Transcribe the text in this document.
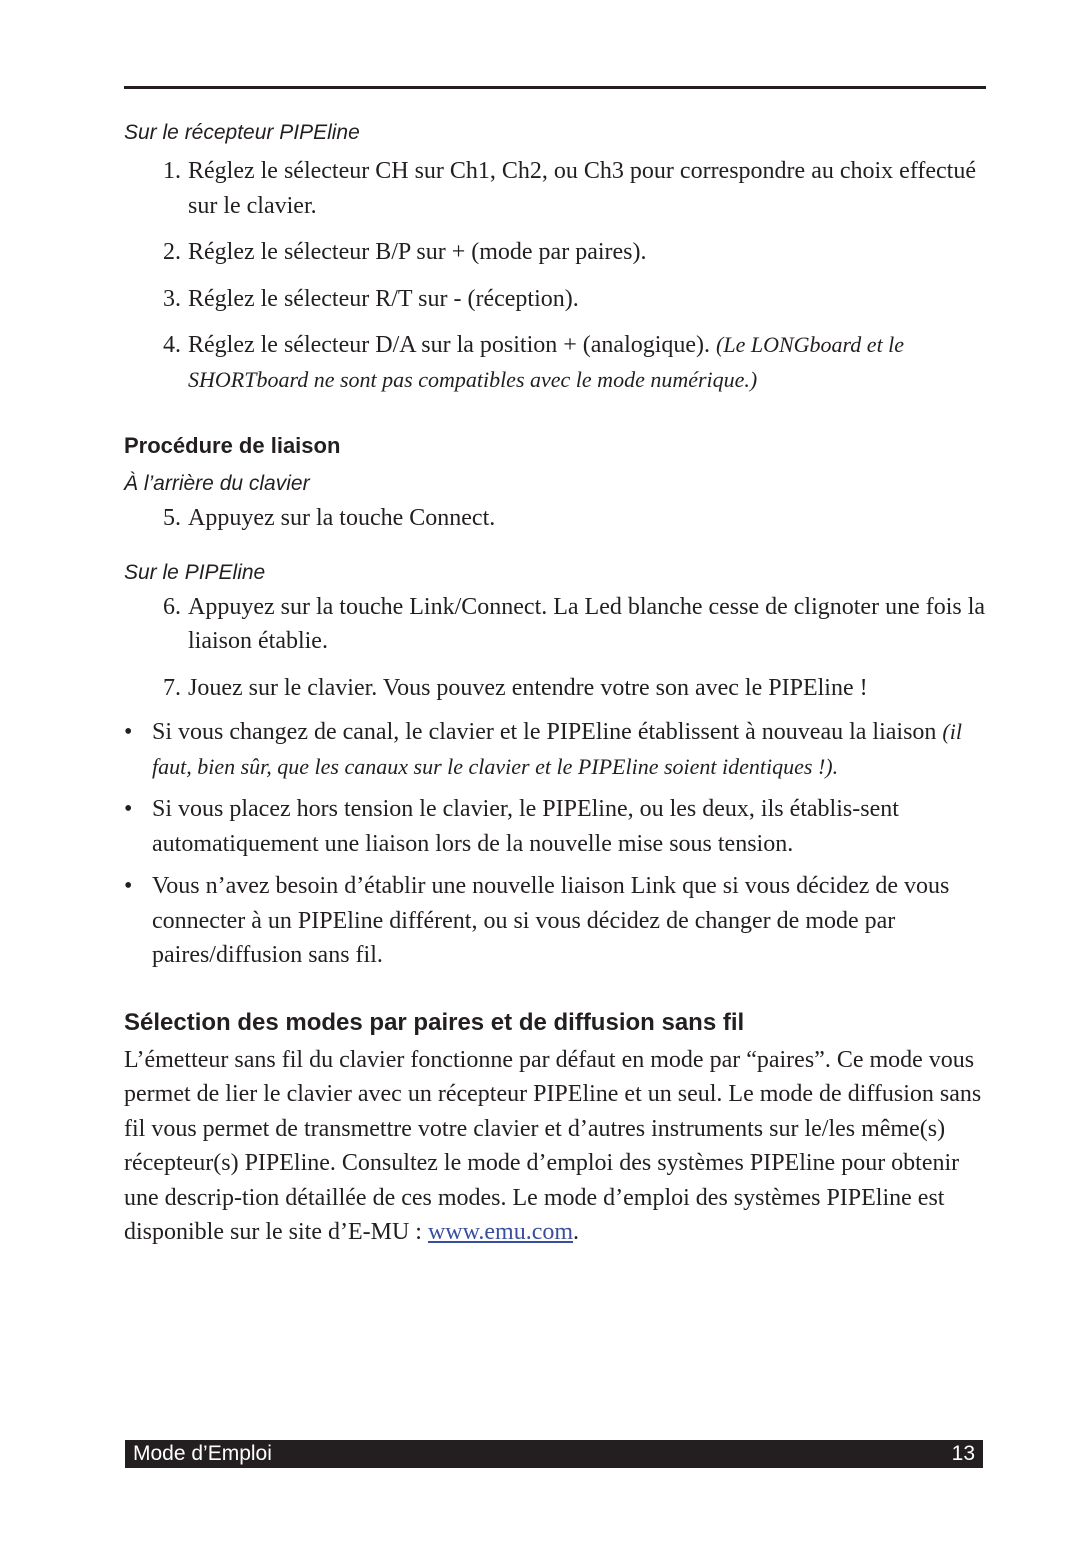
Sur le récepteur PIPEline

1. Réglez le sélecteur CH sur Ch1, Ch2, ou Ch3 pour correspondre au choix effectué sur le clavier.
2. Réglez le sélecteur B/P sur + (mode par paires).
3. Réglez le sélecteur R/T sur - (réception).
4. Réglez le sélecteur D/A sur la position + (analogique). (Le LONGboard et le SHORTboard ne sont pas compatibles avec le mode numérique.)

Procédure de liaison

À l’arrière du clavier

5. Appuyez sur la touche Connect.

Sur le PIPEline

6. Appuyez sur la touche Link/Connect. La Led blanche cesse de clignoter une fois la liaison établie.
7. Jouez sur le clavier. Vous pouvez entendre votre son avec le PIPEline !
• Si vous changez de canal, le clavier et le PIPEline établissent à nouveau la liaison (il faut, bien sûr, que les canaux sur le clavier et le PIPEline soient identiques !).
• Si vous placez hors tension le clavier, le PIPEline, ou les deux, ils établis-sent automatiquement une liaison lors de la nouvelle mise sous tension.
• Vous n’avez besoin d’établir une nouvelle liaison Link que si vous décidez de vous connecter à un PIPEline différent, ou si vous décidez de changer de mode par paires/diffusion sans fil.

Sélection des modes par paires et de diffusion sans fil

L’émetteur sans fil du clavier fonctionne par défaut en mode par “paires”. Ce mode vous permet de lier le clavier avec un récepteur PIPEline et un seul. Le mode de diffusion sans fil vous permet de transmettre votre clavier et d’autres instruments sur le/les même(s) récepteur(s) PIPEline. Consultez le mode d’emploi des systèmes PIPEline pour obtenir une descrip-tion détaillée de ces modes. Le mode d’emploi des systèmes PIPEline est disponible sur le site d’E-MU : www.emu.com.

Mode d’Emploi	13
